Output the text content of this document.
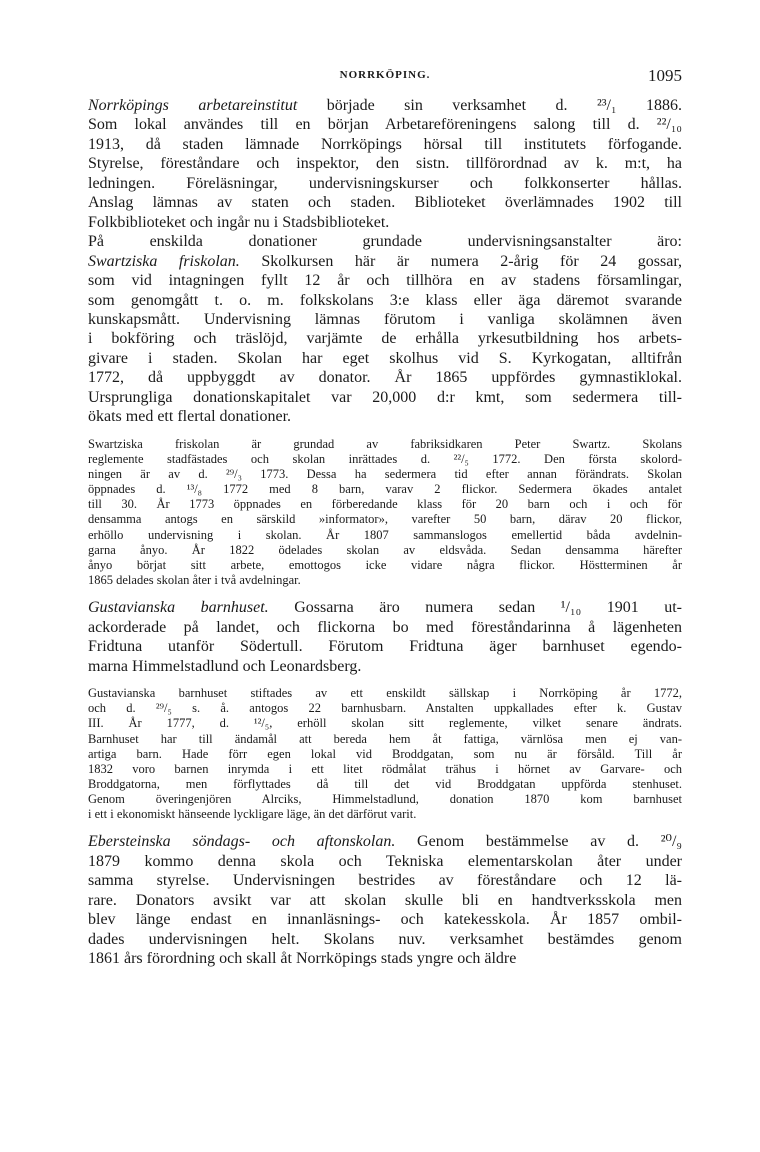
NORRKÖPING.	1095
Norrköpings arbetareinstitut började sin verksamhet d. ²³/₁ 1886.
Som lokal användes till en början Arbetareföreningens salong till d. ²²/₁₀
1913, då staden lämnade Norrköpings hörsal till institutets förfogande.
Styrelse, föreståndare och inspektor, den sistn. tillförordnad av k. m:t, ha
ledningen. Föreläsningar, undervisningskurser och folkkonserter hållas.
Anslag lämnas av staten och staden. Biblioteket överlämnades 1902 till
Folkbiblioteket och ingår nu i Stadsbiblioteket.
På enskilda donationer grundade undervisningsanstalter äro:
Swartziska friskolan. Skolkursen här är numera 2-årig för 24 gossar,
som vid intagningen fyllt 12 år och tillhöra en av stadens församlingar,
som genomgått t. o. m. folkskolans 3:e klass eller äga däremot svarande
kunskapsmått. Undervisning lämnas förutom i vanliga skolämnen även
i bokföring och träslöjd, varjämte de erhålla yrkesutbildning hos arbets-
givare i staden. Skolan har eget skolhus vid S. Kyrkogatan, alltifrån
1772, då uppbyggdt av donator. År 1865 uppfördes gymnastiklokal.
Ursprungliga donationskapitalet var 20,000 d:r kmt, som sedermera till-
ökats med ett flertal donationer.
Swartziska friskolan är grundad av fabriksidkaren Peter Swartz. Skolans
reglemente stadfästades och skolan inrättades d. ²²/₅ 1772. Den första skolord-
ningen är av d. ²⁹/₃ 1773. Dessa ha sedermera tid efter annan förändrats. Skolan
öppnades d. ¹³/₈ 1772 med 8 barn, varav 2 flickor. Sedermera ökades antalet
till 30. År 1773 öppnades en förberedande klass för 20 barn och i och för
densamma antogs en särskild »informator», varefter 50 barn, därav 20 flickor,
erhöllo undervisning i skolan. År 1807 sammanslogos emellertid båda avdelnin-
garna ånyo. År 1822 ödelades skolan av eldsvåda. Sedan densamma härefter
ånyo börjat sitt arbete, emottogos icke vidare några flickor. Höstterminen år
1865 delades skolan åter i två avdelningar.
Gustavianska barnhuset. Gossarna äro numera sedan ¹/₁₀ 1901 ut-
ackorderade på landet, och flickorna bo med föreståndarinna å lägenheten
Fridtuna utanför Södertull. Förutom Fridtuna äger barnhuset egendo-
marna Himmelstadlund och Leonardsberg.
Gustavianska barnhuset stiftades av ett enskildt sällskap i Norrköping år 1772,
och d. ²⁹/₅ s. å. antogos 22 barnhusbarn. Anstalten uppkallades efter k. Gustav
III. År 1777, d. ¹²/₅, erhöll skolan sitt reglemente, vilket senare ändrats.
Barnhuset har till ändamål att bereda hem åt fattiga, värnlösa men ej van-
artiga barn. Hade förr egen lokal vid Broddgatan, som nu är försåld. Till år
1832 voro barnen inrymda i ett litet rödmålat trähus i hörnet av Garvare- och
Broddgatorna, men förflyttades då till det vid Broddgatan uppförda stenhuset.
Genom överingenjören Alrciks, Himmelstadlund, donation 1870 kom barnhuset
i ett i ekonomiskt hänseende lyckligare läge, än det därförut varit.
Ebersteinska söndags- och aftonskolan. Genom bestämmelse av d. ²⁰/₉
1879 kommo denna skola och Tekniska elementarskolan åter under
samma styrelse. Undervisningen bestrides av föreståndare och 12 lä-
rare. Donators avsikt var att skolan skulle bli en handtverksskola men
blev länge endast en innanläsnings- och katekesskola. År 1857 ombil-
dades undervisningen helt. Skolans nuv. verksamhet bestämdes genom
1861 års förordning och skall åt Norrköpings stads yngre och äldre
